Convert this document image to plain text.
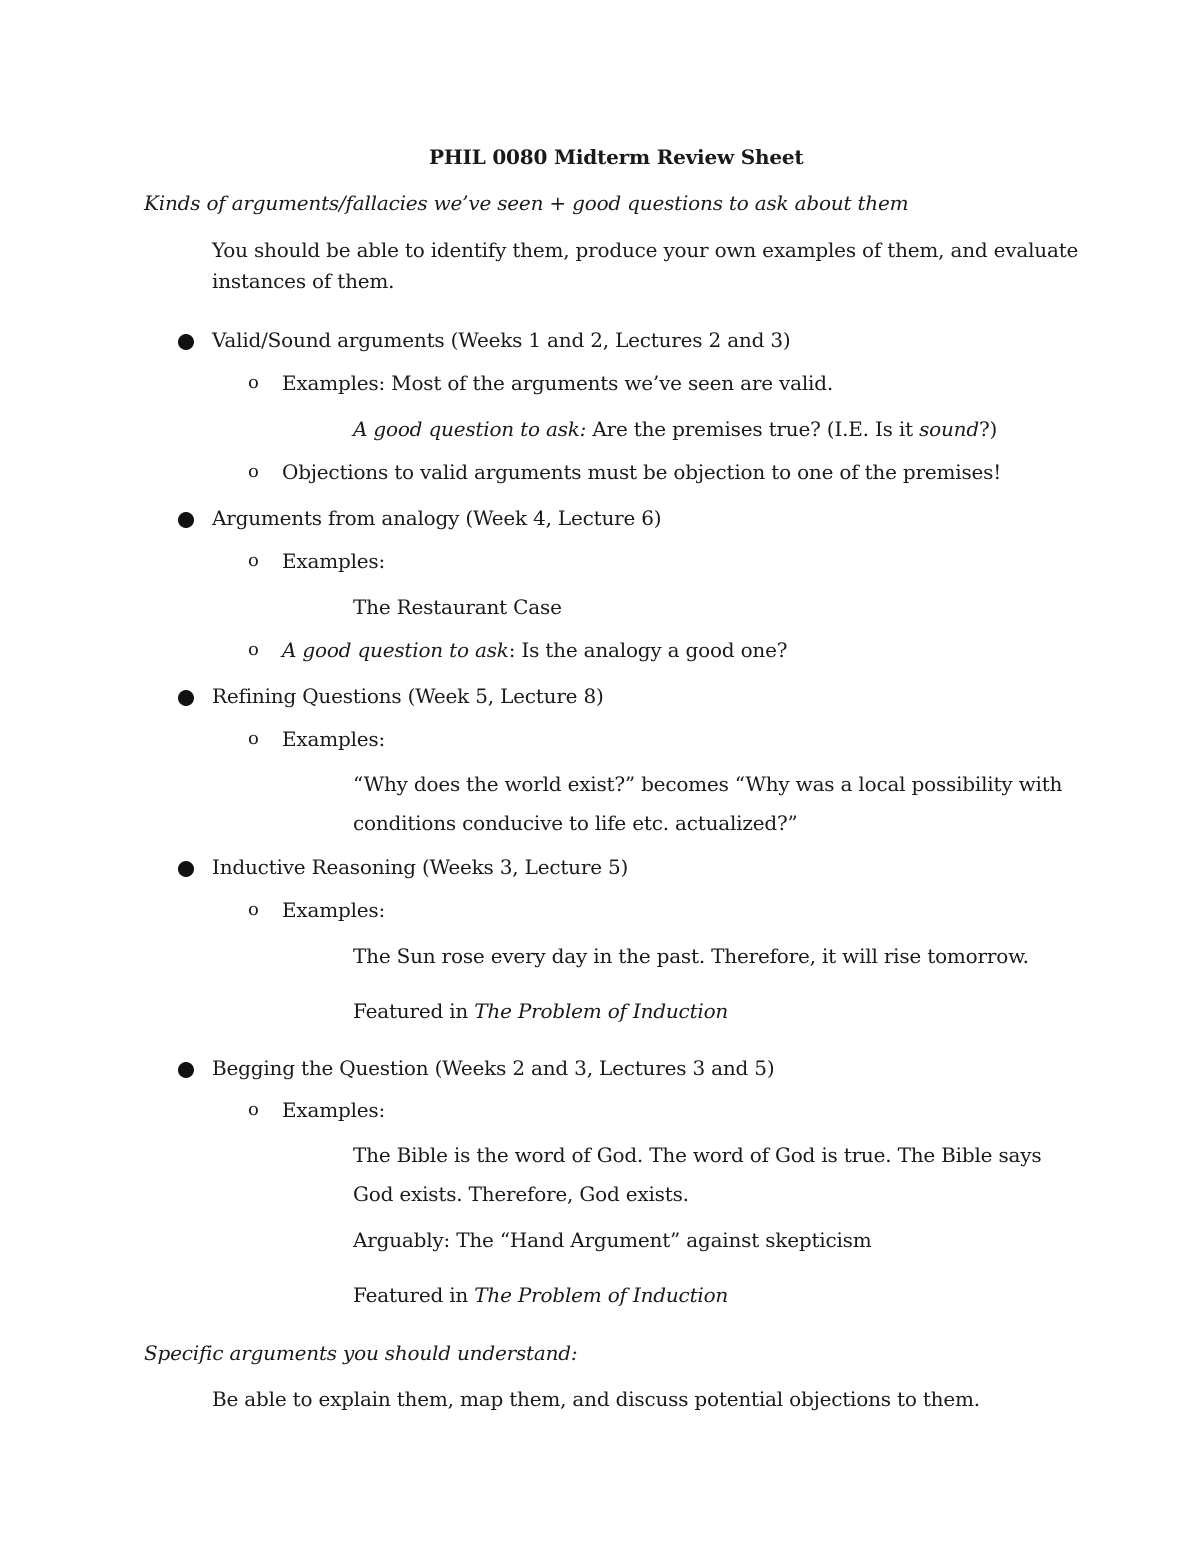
PHIL 0080 Midterm Review Sheet
Kinds of arguments/fallacies we’ve seen + good questions to ask about them
You should be able to identify them, produce your own examples of them, and evaluate
instances of them.
Valid/Sound arguments (Weeks 1 and 2, Lectures 2 and 3)
o Examples: Most of the arguments we’ve seen are valid.
A good question to ask: Are the premises true? (I.E. Is it sound?)
o Objections to valid arguments must be objection to one of the premises!
Arguments from analogy (Week 4, Lecture 6)
o Examples:
The Restaurant Case
o A good question to ask: Is the analogy a good one?
Refining Questions (Week 5, Lecture 8)
o Examples:
“Why does the world exist?” becomes “Why was a local possibility with
conditions conducive to life etc. actualized?”
Inductive Reasoning (Weeks 3, Lecture 5)
o Examples:
The Sun rose every day in the past. Therefore, it will rise tomorrow.
Featured in The Problem of Induction
Begging the Question (Weeks 2 and 3, Lectures 3 and 5)
o Examples:
The Bible is the word of God. The word of God is true. The Bible says
God exists. Therefore, God exists.
Arguably: The “Hand Argument” against skepticism
Featured in The Problem of Induction
Specific arguments you should understand:
Be able to explain them, map them, and discuss potential objections to them.
